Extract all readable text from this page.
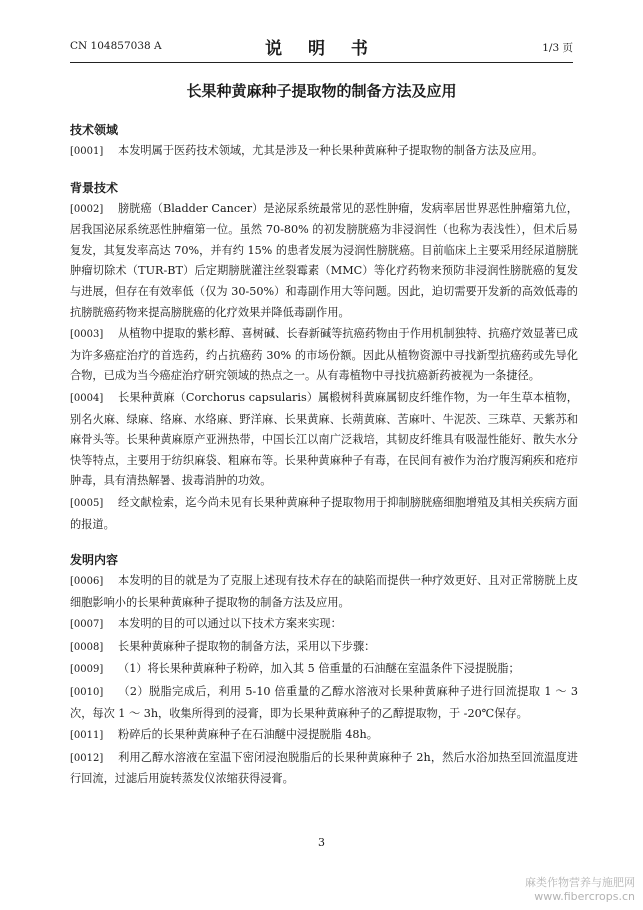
CN 104857038 A	说 明 书	1/3 页
长果种黄麻种子提取物的制备方法及应用
技术领域
[0001] 本发明属于医药技术领域，尤其是涉及一种长果种黄麻种子提取物的制备方法及应用。
背景技术
[0002] 膀胱癌（Bladder Cancer）是泌尿系统最常见的恶性肿瘤，发病率居世界恶性肿瘤第九位，居我国泌尿系统恶性肿瘤第一位。虽然 70-80% 的初发膀胱癌为非浸润性（也称为表浅性），但术后易复发，其复发率高达 70%，并有约 15% 的患者发展为浸润性膀胱癌。目前临床上主要采用经尿道膀胱肿瘤切除术（TUR-BT）后定期膀胱灌注丝裂霉素（MMC）等化疗药物来预防非浸润性膀胱癌的复发与进展，但存在有效率低（仅为 30-50%）和毒副作用大等问题。因此，迫切需要开发新的高效低毒的抗膀胱癌药物来提高膀胱癌的化疗效果并降低毒副作用。
[0003] 从植物中提取的紫杉醇、喜树碱、长春新碱等抗癌药物由于作用机制独特、抗癌疗效显著已成为许多癌症治疗的首选药，约占抗癌药 30% 的市场份额。因此从植物资源中寻找新型抗癌药或先导化合物，已成为当今癌症治疗研究领域的热点之一。从有毒植物中寻找抗癌新药被视为一条捷径。
[0004] 长果种黄麻（Corchorus capsularis）属椴树科黄麻属韧皮纤维作物，为一年生草本植物，别名火麻、绿麻、络麻、水络麻、野洋麻、长果黄麻、长蒴黄麻、苦麻叶、牛泥茨、三珠草、天紫苏和麻骨头等。长果种黄麻原产亚洲热带，中国长江以南广泛栽培，其韧皮纤维具有吸湿性能好、散失水分快等特点，主要用于纺织麻袋、粗麻布等。长果种黄麻种子有毒，在民间有被作为治疗腹泻痢疾和疮疖肿毒，具有清热解暑、拔毒消肿的功效。
[0005] 经文献检索，迄今尚未见有长果种黄麻种子提取物用于抑制膀胱癌细胞增殖及其相关疾病方面的报道。
发明内容
[0006] 本发明的目的就是为了克服上述现有技术存在的缺陷而提供一种疗效更好、且对正常膀胱上皮细胞影响小的长果种黄麻种子提取物的制备方法及应用。
[0007] 本发明的目的可以通过以下技术方案来实现：
[0008] 长果种黄麻种子提取物的制备方法，采用以下步骤：
[0009] （1）将长果种黄麻种子粉碎，加入其 5 倍重量的石油醚在室温条件下浸提脱脂；
[0010] （2）脱脂完成后，利用 5-10 倍重量的乙醇水溶液对长果种黄麻种子进行回流提取 1 ～ 3 次，每次 1 ～ 3h，收集所得到的浸膏，即为长果种黄麻种子的乙醇提取物，于 -20℃保存。
[0011] 粉碎后的长果种黄麻种子在石油醚中浸提脱脂 48h。
[0012] 利用乙醇水溶液在室温下密闭浸泡脱脂后的长果种黄麻种子 2h，然后水浴加热至回流温度进行回流，过滤后用旋转蒸发仪浓缩获得浸膏。
3
麻类作物营养与施肥网
www.fibercrops.cn
